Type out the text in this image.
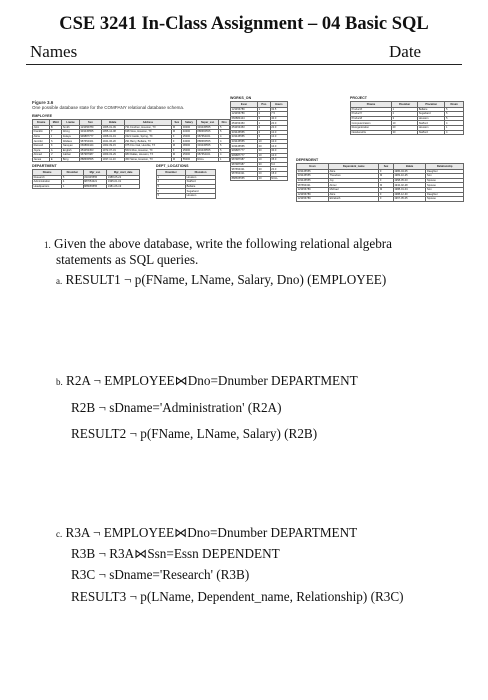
CSE 3241 In-Class Assignment – 04 Basic SQL
Names	Date
Figure 3.6
One possible database state for the COMPANY relational database schema.
EMPLOYEE
Fname	Minit	Lname	Ssn	Bdate	Address	Sex	Salary	Super_ssn	Dno
John	B	Smith	123456789	1965-01-09	731 Fondren, Houston, TX	M	30000	333445555	5
Franklin	T	Wong	333445555	1955-12-08	638 Voss, Houston, TX	M	40000	888665555	5
Alicia	J	Zelaya	999887777	1968-01-19	3321 Castle, Spring, TX	F	25000	987654321	4
Jennifer	S	Wallace	987654321	1941-06-20	291 Berry, Bellaire, TX	F	43000	888665555	4
Ramesh	K	Narayan	666884444	1962-09-15	975 Fire Oak, Humble, TX	M	38000	333445555	5
Joyce	A	English	453453453	1972-07-31	5631 Rice, Houston, TX	F	25000	333445555	5
Ahmad	V	Jabbar	987987987	1969-03-29	980 Dallas, Houston, TX	M	25000	987654321	4
James	E	Borg	888665555	1937-11-10	450 Stone, Houston, TX	M	55000	NULL	1
DEPARTMENT
Dname	Dnumber	Mgr_ssn	Mgr_start_date
Research	5	333445555	1988-05-22
Administration	4	987654321	1995-01-01
Headquarters	1	888665555	1981-06-19
DEPT_LOCATIONS
Dnumber	Dlocation
1	Houston
4	Stafford
5	Bellaire
5	Sugarland
5	Houston
WORKS_ON
Essn	Pno	Hours
123456789	1	32.5
123456789	2	7.5
666884444	3	40.0
453453453	1	20.0
453453453	2	20.0
333445555	2	10.0
333445555	3	10.0
333445555	10	10.0
333445555	20	10.0
999887777	30	30.0
999887777	10	10.0
987987987	10	35.0
987987987	30	5.0
987654321	30	20.0
987654321	20	15.0
888665555	20	NULL
PROJECT
Pname	Pnumber	Plocation	Dnum
ProductX	1	Bellaire	5
ProductY	2	Sugarland	5
ProductZ	3	Houston	5
Computerization	10	Stafford	4
Reorganization	20	Houston	1
Newbenefits	30	Stafford	4
DEPENDENT
Essn	Dependent_name	Sex	Bdate	Relationship
333445555	Alice	F	1986-04-05	Daughter
333445555	Theodore	M	1983-10-25	Son
333445555	Joy	F	1958-05-03	Spouse
987654321	Abner	M	1942-02-28	Spouse
123456789	Michael	M	1988-01-04	Son
123456789	Alice	F	1988-12-30	Daughter
123456789	Elizabeth	F	1967-05-05	Spouse
1. Given the above database, write the following relational algebra
statements as SQL queries.
a. RESULT1 ¬ p(FName, LName, Salary, Dno) (EMPLOYEE)
b. R2A ¬ EMPLOYEE⋈Dno=Dnumber DEPARTMENT
R2B ¬ sDname='Administration' (R2A)
RESULT2 ¬ p(FName, LName, Salary) (R2B)
c. R3A ¬ EMPLOYEE⋈Dno=Dnumber DEPARTMENT
R3B ¬ R3A⋈Ssn=Essn DEPENDENT
R3C ¬ sDname='Research' (R3B)
RESULT3 ¬ p(LName, Dependent_name, Relationship) (R3C)
